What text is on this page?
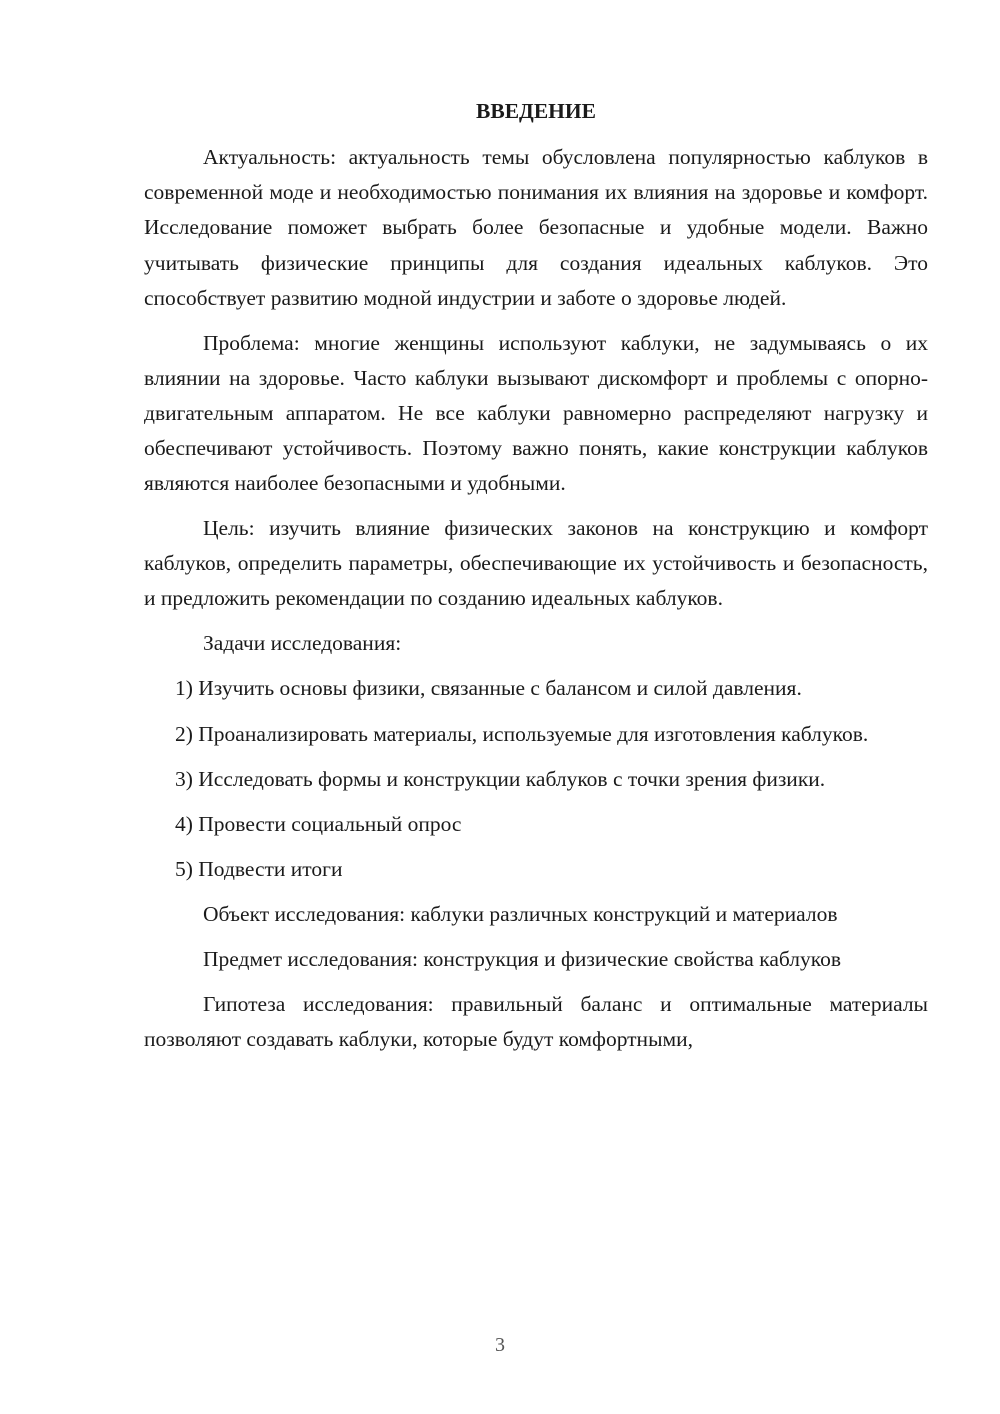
ВВЕДЕНИЕ

Актуальность: актуальность темы обусловлена популярностью каблуков в современной моде и необходимостью понимания их влияния на здоровье и комфорт. Исследование поможет выбрать более безопасные и удобные модели. Важно учитывать физические принципы для создания идеальных каблуков. Это способствует развитию модной индустрии и заботе о здоровье людей.

Проблема: многие женщины используют каблуки, не задумываясь о их влиянии на здоровье. Часто каблуки вызывают дискомфорт и проблемы с опорно-двигательным аппаратом. Не все каблуки равномерно распределяют нагрузку и обеспечивают устойчивость. Поэтому важно понять, какие конструкции каблуков являются наиболее безопасными и удобными.

Цель: изучить влияние физических законов на конструкцию и комфорт каблуков, определить параметры, обеспечивающие их устойчивость и безопасность, и предложить рекомендации по созданию идеальных каблуков.

Задачи исследования:

1) Изучить основы физики, связанные с балансом и силой давления.

2) Проанализировать материалы, используемые для изготовления каблуков.

3) Исследовать формы и конструкции каблуков с точки зрения физики.

4) Провести социальный опрос

5) Подвести итоги

Объект исследования: каблуки различных конструкций и материалов

Предмет исследования: конструкция и физические свойства каблуков

Гипотеза исследования: правильный баланс и оптимальные материалы позволяют создавать каблуки, которые будут комфортными,

3
